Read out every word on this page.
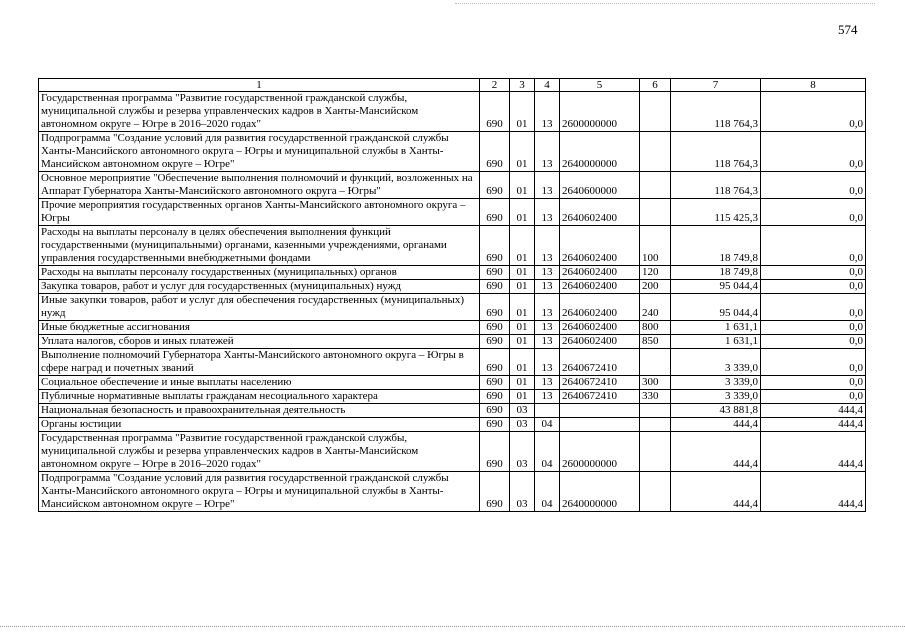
574
1	2	3	4	5	6	7	8
Государственная программа "Развитие государственной гражданской службы, муниципальной службы и резерва управленческих кадров в Ханты-Мансийском автономном округе – Югре в 2016–2020 годах"	690	01	13	2600000000		118 764,3	0,0
Подпрограмма "Создание условий для развития государственной гражданской службы Ханты-Мансийского автономного округа – Югры и муниципальной службы в Ханты-Мансийском автономном округе – Югре"	690	01	13	2640000000		118 764,3	0,0
Основное мероприятие "Обеспечение выполнения полномочий и функций, возложенных на Аппарат Губернатора Ханты-Мансийского автономного округа – Югры"	690	01	13	2640600000		118 764,3	0,0
Прочие мероприятия государственных органов Ханты-Мансийского автономного округа – Югры	690	01	13	2640602400		115 425,3	0,0
Расходы на выплаты персоналу в целях обеспечения выполнения функций государственными (муниципальными) органами, казенными учреждениями, органами управления государственными внебюджетными фондами	690	01	13	2640602400	100	18 749,8	0,0
Расходы на выплаты персоналу государственных (муниципальных) органов	690	01	13	2640602400	120	18 749,8	0,0
Закупка товаров, работ и услуг для государственных (муниципальных) нужд	690	01	13	2640602400	200	95 044,4	0,0
Иные закупки товаров, работ и услуг для обеспечения государственных (муниципальных) нужд	690	01	13	2640602400	240	95 044,4	0,0
Иные бюджетные ассигнования	690	01	13	2640602400	800	1 631,1	0,0
Уплата налогов, сборов и иных платежей	690	01	13	2640602400	850	1 631,1	0,0
Выполнение полномочий Губернатора Ханты-Мансийского автономного округа – Югры в сфере наград и почетных званий	690	01	13	2640672410		3 339,0	0,0
Социальное обеспечение и иные выплаты населению	690	01	13	2640672410	300	3 339,0	0,0
Публичные нормативные выплаты гражданам несоциального характера	690	01	13	2640672410	330	3 339,0	0,0
Национальная безопасность и правоохранительная деятельность	690	03				43 881,8	444,4
Органы юстиции	690	03	04			444,4	444,4
Государственная программа "Развитие государственной гражданской службы, муниципальной службы и резерва управленческих кадров в Ханты-Мансийском автономном округе – Югре в 2016–2020 годах"	690	03	04	2600000000		444,4	444,4
Подпрограмма "Создание условий для развития государственной гражданской службы Ханты-Мансийского автономного округа – Югры и муниципальной службы в Ханты-Мансийском автономном округе – Югре"	690	03	04	2640000000		444,4	444,4
